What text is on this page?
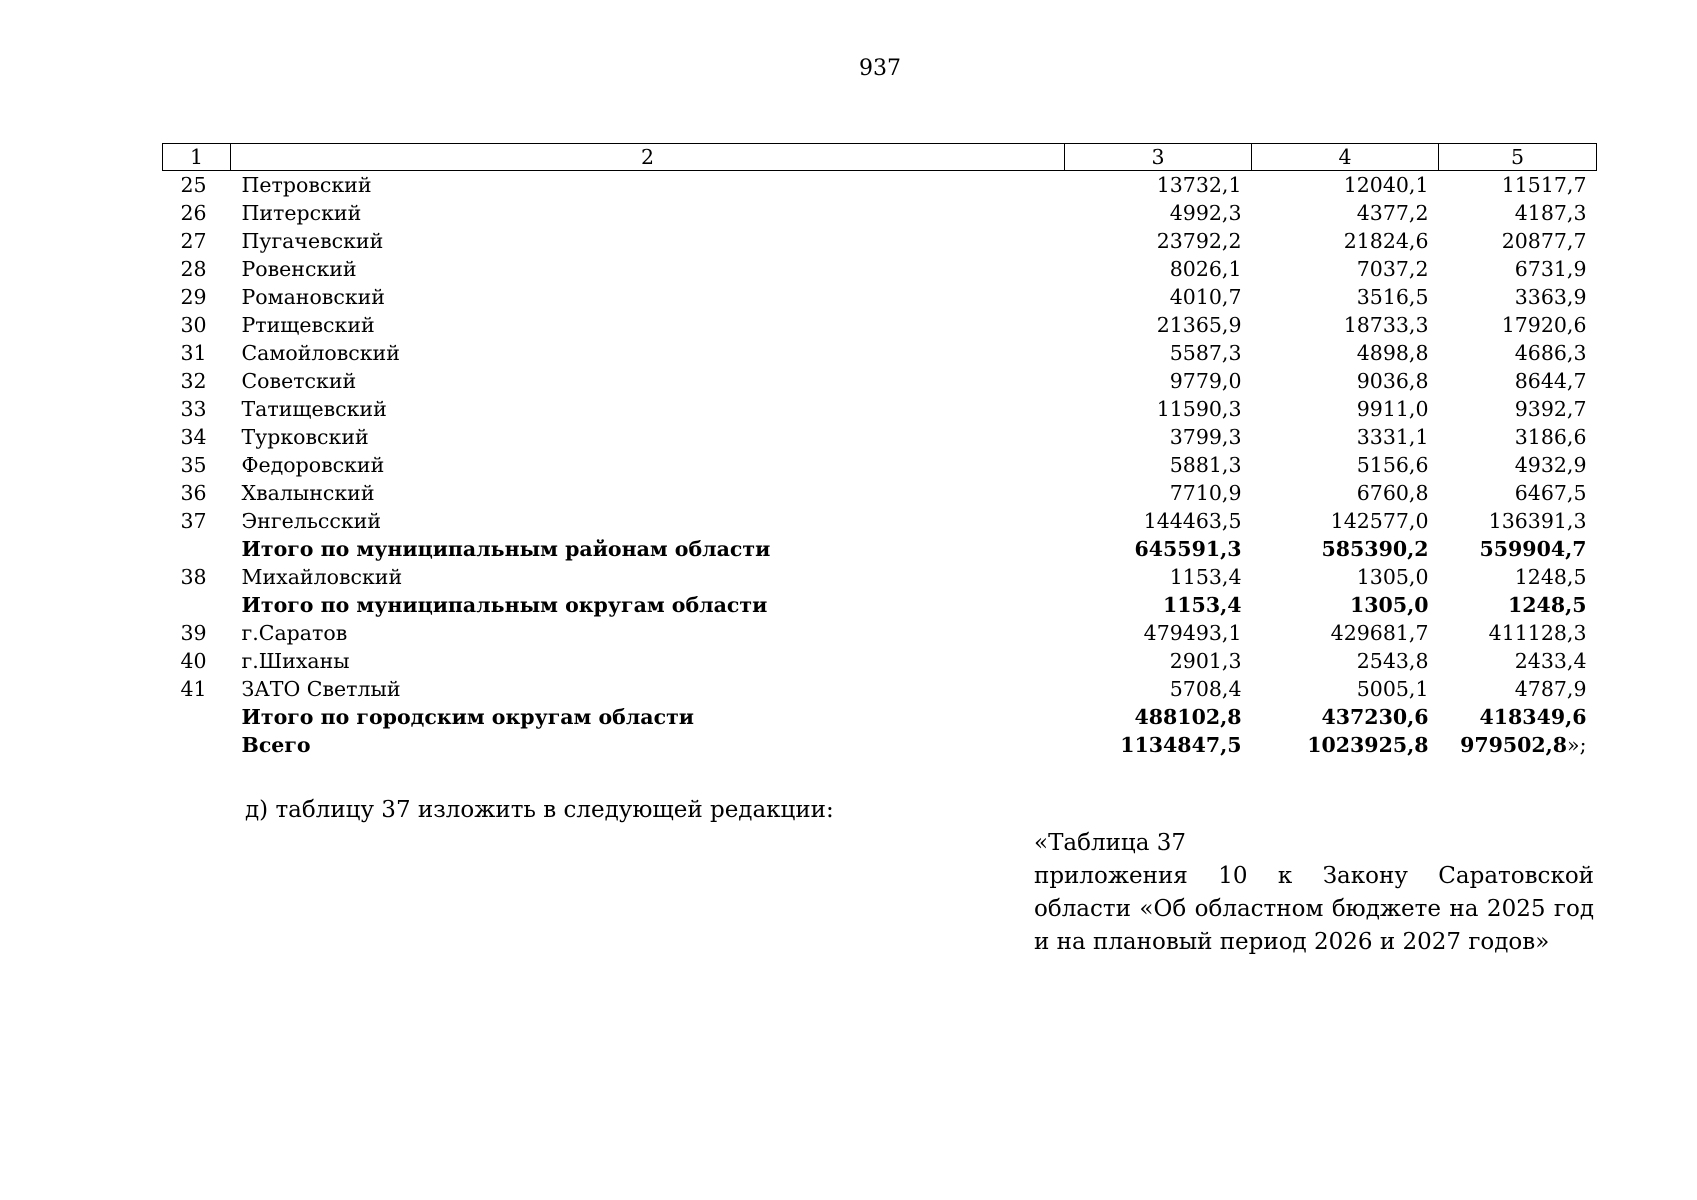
937
1	2	3	4	5
25	Петровский	13732,1	12040,1	11517,7
26	Питерский	4992,3	4377,2	4187,3
27	Пугачевский	23792,2	21824,6	20877,7
28	Ровенский	8026,1	7037,2	6731,9
29	Романовский	4010,7	3516,5	3363,9
30	Ртищевский	21365,9	18733,3	17920,6
31	Самойловский	5587,3	4898,8	4686,3
32	Советский	9779,0	9036,8	8644,7
33	Татищевский	11590,3	9911,0	9392,7
34	Турковский	3799,3	3331,1	3186,6
35	Федоровский	5881,3	5156,6	4932,9
36	Хвалынский	7710,9	6760,8	6467,5
37	Энгельсский	144463,5	142577,0	136391,3
	Итого по муниципальным районам области	645591,3	585390,2	559904,7
38	Михайловский	1153,4	1305,0	1248,5
	Итого по муниципальным округам области	1153,4	1305,0	1248,5
39	г.Саратов	479493,1	429681,7	411128,3
40	г.Шиханы	2901,3	2543,8	2433,4
41	ЗАТО Светлый	5708,4	5005,1	4787,9
	Итого по городским округам области	488102,8	437230,6	418349,6
	Всего	1134847,5	1023925,8	979502,8»;
д) таблицу 37 изложить в следующей редакции:
«Таблица 37
приложения 10 к Закону Саратовской области «Об областном бюджете на 2025 год и на плановый период 2026 и 2027 годов»
